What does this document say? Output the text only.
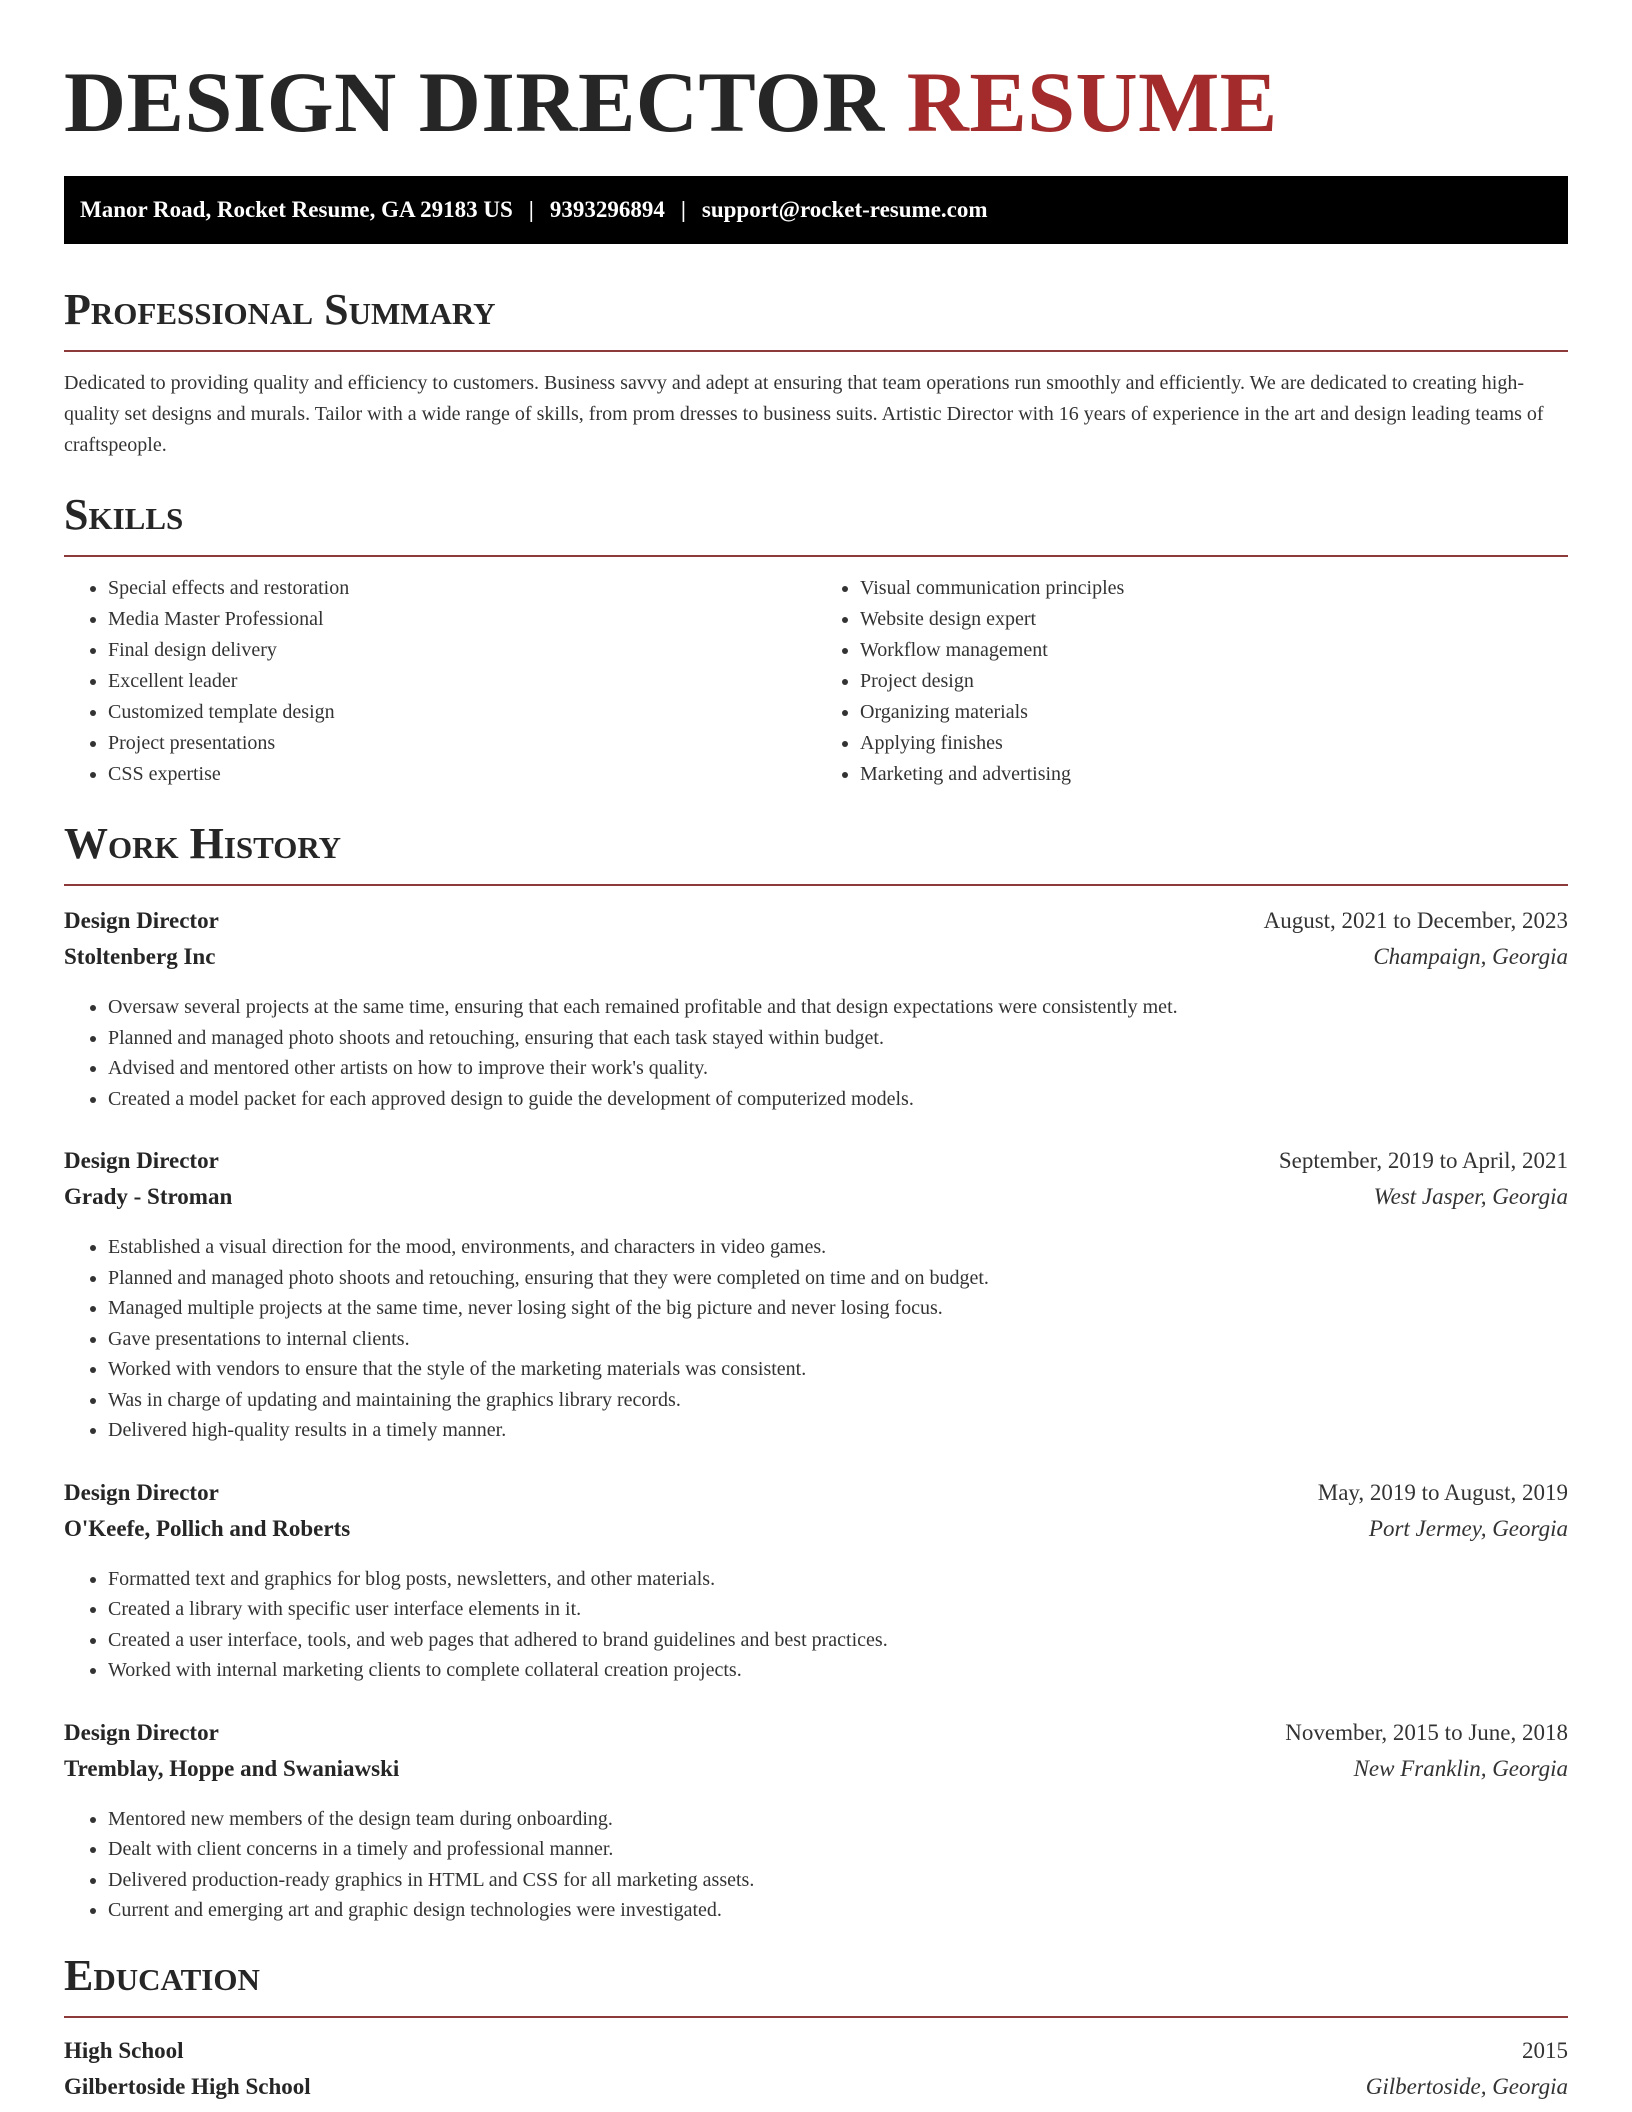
DESIGN DIRECTOR RESUME
Manor Road, Rocket Resume, GA 29183 US | 9393296894 | support@rocket-resume.com
Professional Summary

Dedicated to providing quality and efficiency to customers. Business savvy and adept at ensuring that team operations run smoothly and efficiently. We are dedicated to creating high-quality set designs and murals. Tailor with a wide range of skills, from prom dresses to business suits. Artistic Director with 16 years of experience in the art and design leading teams of craftspeople.

Skills
• Special effects and restoration
• Media Master Professional
• Final design delivery
• Excellent leader
• Customized template design
• Project presentations
• CSS expertise
• Visual communication principles
• Website design expert
• Workflow management
• Project design
• Organizing materials
• Applying finishes
• Marketing and advertising
Work History
Design Director	August, 2021 to December, 2023
Stoltenberg Inc	Champaign, Georgia
• Oversaw several projects at the same time, ensuring that each remained profitable and that design expectations were consistently met.
• Planned and managed photo shoots and retouching, ensuring that each task stayed within budget.
• Advised and mentored other artists on how to improve their work's quality.
• Created a model packet for each approved design to guide the development of computerized models.
Design Director	September, 2019 to April, 2021
Grady - Stroman	West Jasper, Georgia
• Established a visual direction for the mood, environments, and characters in video games.
• Planned and managed photo shoots and retouching, ensuring that they were completed on time and on budget.
• Managed multiple projects at the same time, never losing sight of the big picture and never losing focus.
• Gave presentations to internal clients.
• Worked with vendors to ensure that the style of the marketing materials was consistent.
• Was in charge of updating and maintaining the graphics library records.
• Delivered high-quality results in a timely manner.
Design Director	May, 2019 to August, 2019
O'Keefe, Pollich and Roberts	Port Jermey, Georgia
• Formatted text and graphics for blog posts, newsletters, and other materials.
• Created a library with specific user interface elements in it.
• Created a user interface, tools, and web pages that adhered to brand guidelines and best practices.
• Worked with internal marketing clients to complete collateral creation projects.
Design Director	November, 2015 to June, 2018
Tremblay, Hoppe and Swaniawski	New Franklin, Georgia
• Mentored new members of the design team during onboarding.
• Dealt with client concerns in a timely and professional manner.
• Delivered production-ready graphics in HTML and CSS for all marketing assets.
• Current and emerging art and graphic design technologies were investigated.
Education
High School	2015
Gilbertoside High School	Gilbertoside, Georgia
